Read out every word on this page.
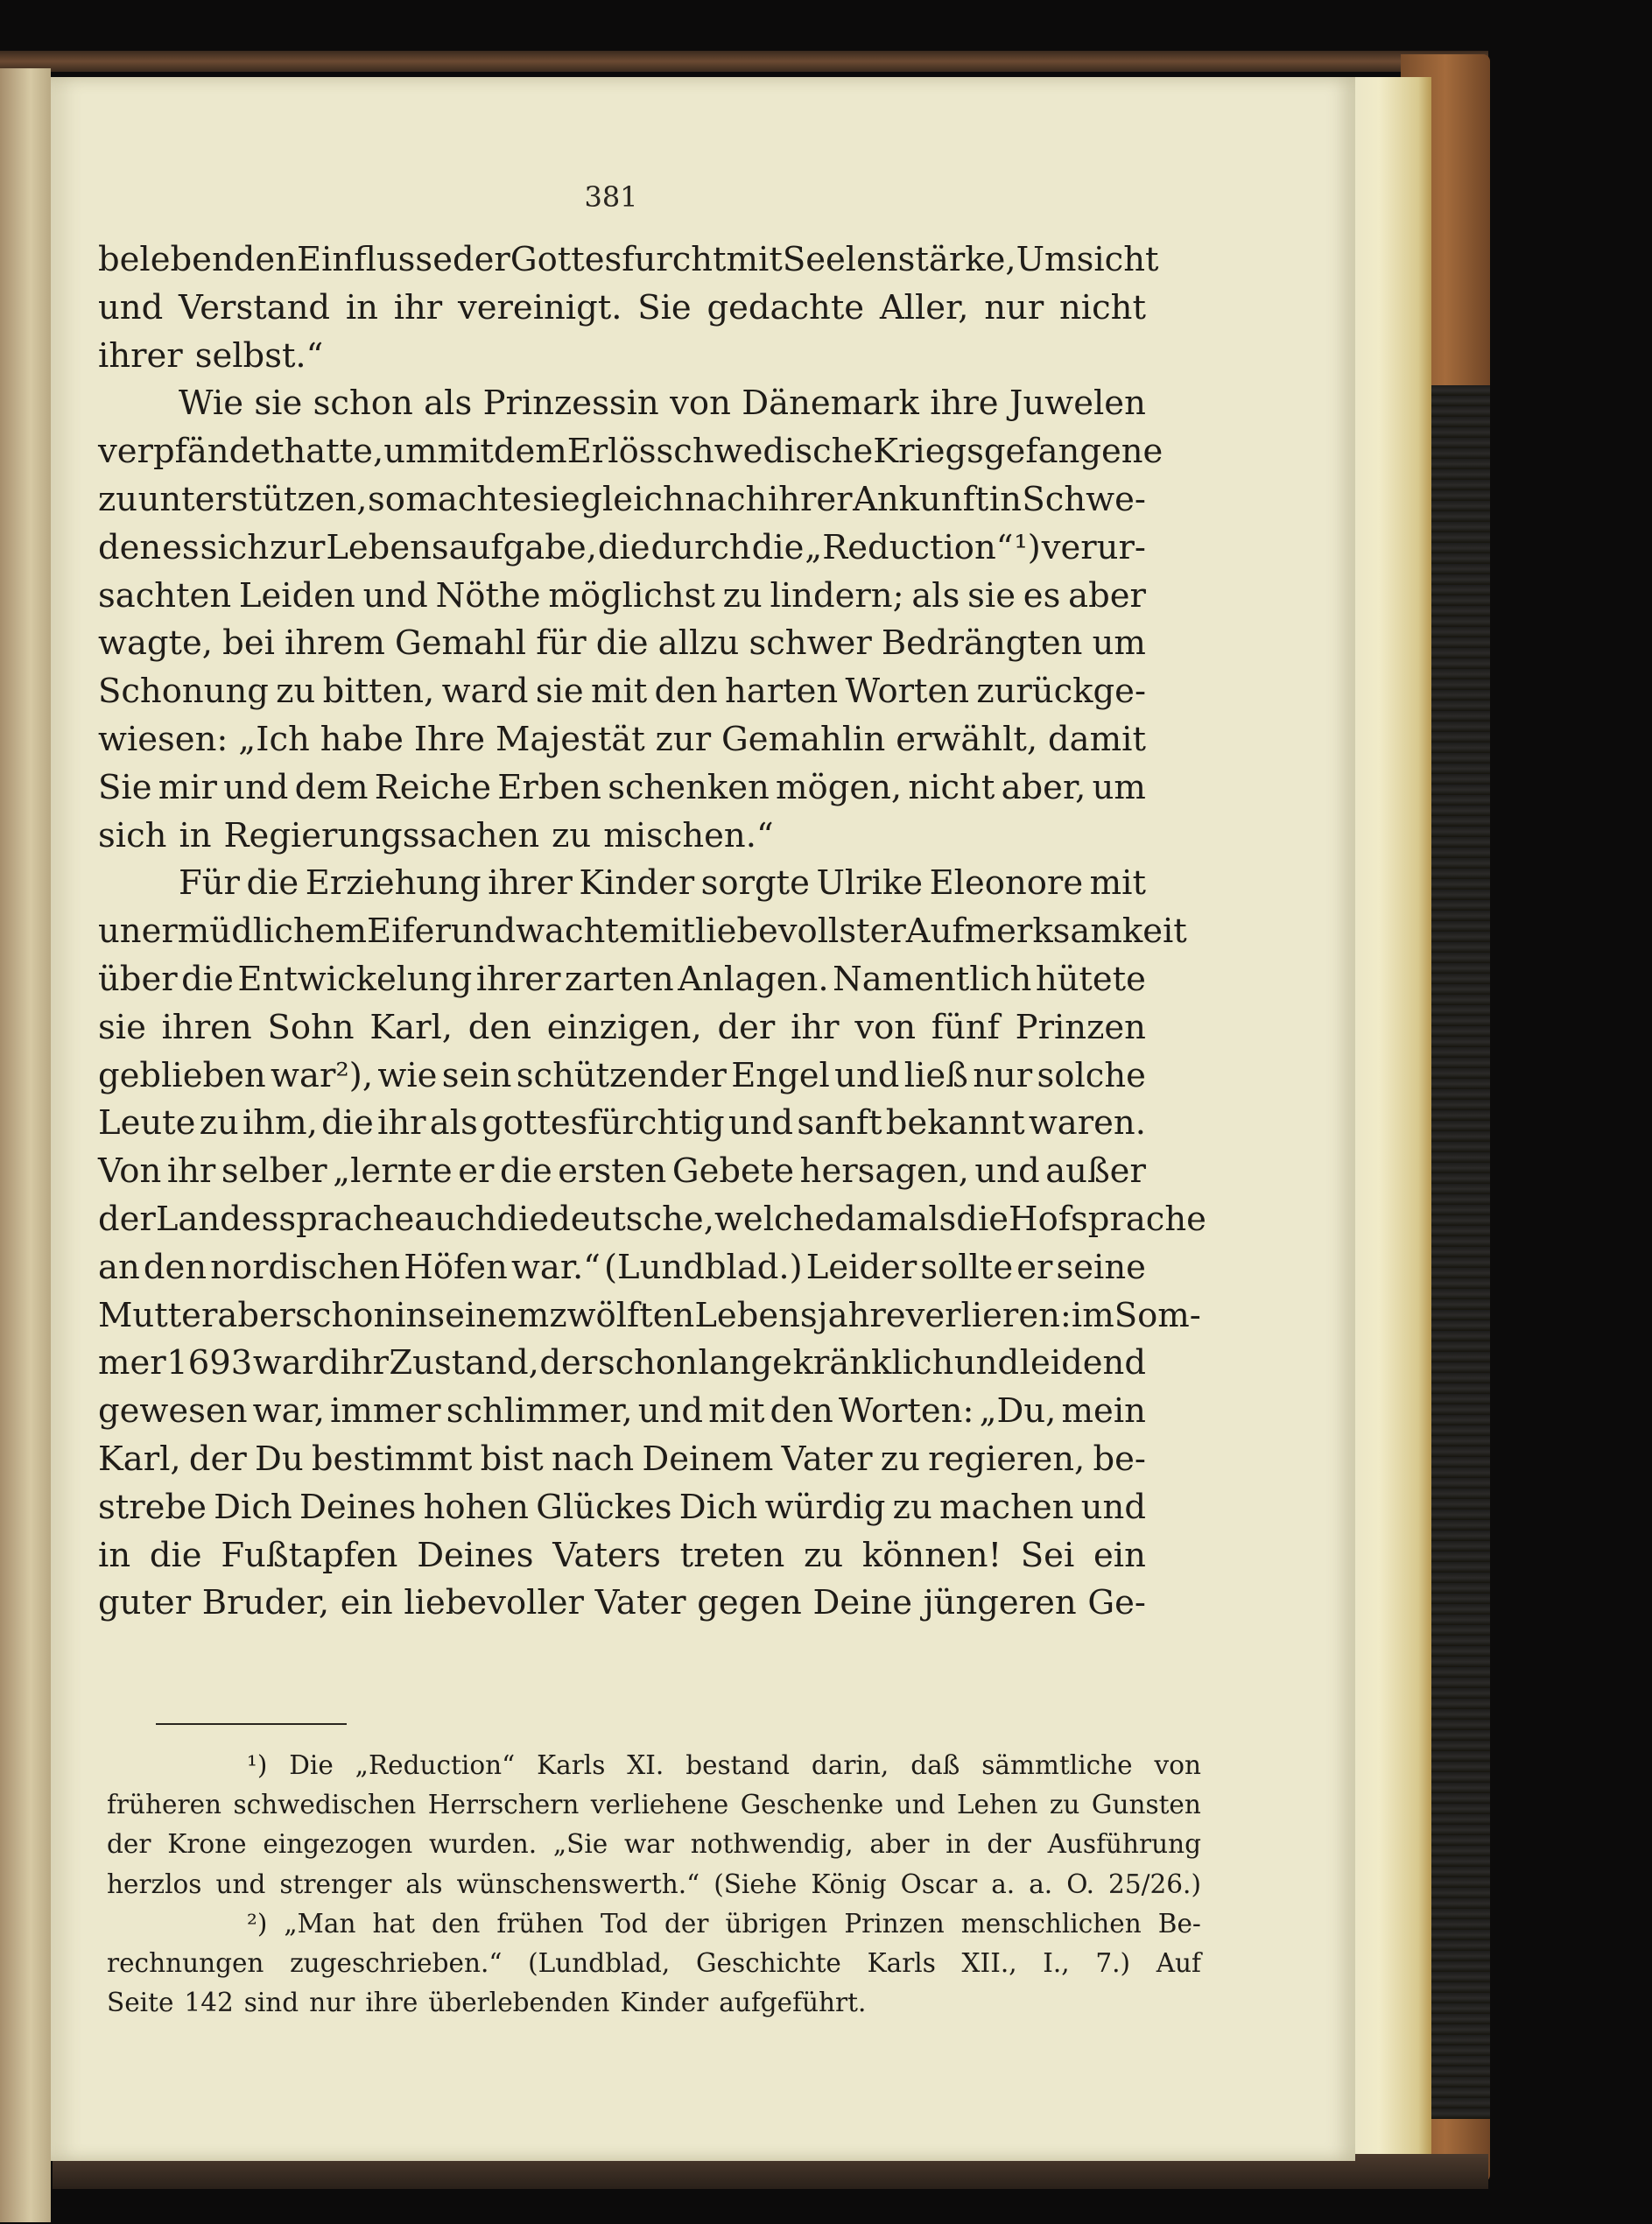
381
belebenden Einflusse der Gottesfurcht mit Seelenstärke, Umsicht
und Verstand in ihr vereinigt. Sie gedachte Aller, nur nicht
ihrer selbst.“
Wie sie schon als Prinzessin von Dänemark ihre Juwelen
verpfändet hatte, um mit dem Erlös schwedische Kriegsgefangene
zu unterstützen, so machte sie gleich nach ihrer Ankunft in Schwe-
den es sich zur Lebensaufgabe, die durch die „Reduction“ ¹) verur-
sachten Leiden und Nöthe möglichst zu lindern; als sie es aber
wagte, bei ihrem Gemahl für die allzu schwer Bedrängten um
Schonung zu bitten, ward sie mit den harten Worten zurückge-
wiesen: „Ich habe Ihre Majestät zur Gemahlin erwählt, damit
Sie mir und dem Reiche Erben schenken mögen, nicht aber, um
sich in Regierungssachen zu mischen.“
Für die Erziehung ihrer Kinder sorgte Ulrike Eleonore mit
unermüdlichem Eifer und wachte mit liebevollster Aufmerksamkeit
über die Entwickelung ihrer zarten Anlagen. Namentlich hütete
sie ihren Sohn Karl, den einzigen, der ihr von fünf Prinzen
geblieben war²), wie sein schützender Engel und ließ nur solche
Leute zu ihm, die ihr als gottesfürchtig und sanft bekannt waren.
Von ihr selber „lernte er die ersten Gebete hersagen, und außer
der Landessprache auch die deutsche, welche damals die Hofsprache
an den nordischen Höfen war.“ (Lundblad.) Leider sollte er seine
Mutter aber schon in seinem zwölften Lebensjahre verlieren: im Som-
mer 1693 ward ihr Zustand, der schon lange kränklich und leidend
gewesen war, immer schlimmer, und mit den Worten: „Du, mein
Karl, der Du bestimmt bist nach Deinem Vater zu regieren, be-
strebe Dich Deines hohen Glückes Dich würdig zu machen und
in die Fußtapfen Deines Vaters treten zu können! Sei ein
guter Bruder, ein liebevoller Vater gegen Deine jüngeren Ge-
¹) Die „Reduction“ Karls XI. bestand darin, daß sämmtliche von
früheren schwedischen Herrschern verliehene Geschenke und Lehen zu Gunsten
der Krone eingezogen wurden. „Sie war nothwendig, aber in der Ausführung
herzlos und strenger als wünschenswerth.“ (Siehe König Oscar a. a. O. 25/26.)
²) „Man hat den frühen Tod der übrigen Prinzen menschlichen Be-
rechnungen zugeschrieben.“ (Lundblad, Geschichte Karls XII., I., 7.) Auf
Seite 142 sind nur ihre überlebenden Kinder aufgeführt.
